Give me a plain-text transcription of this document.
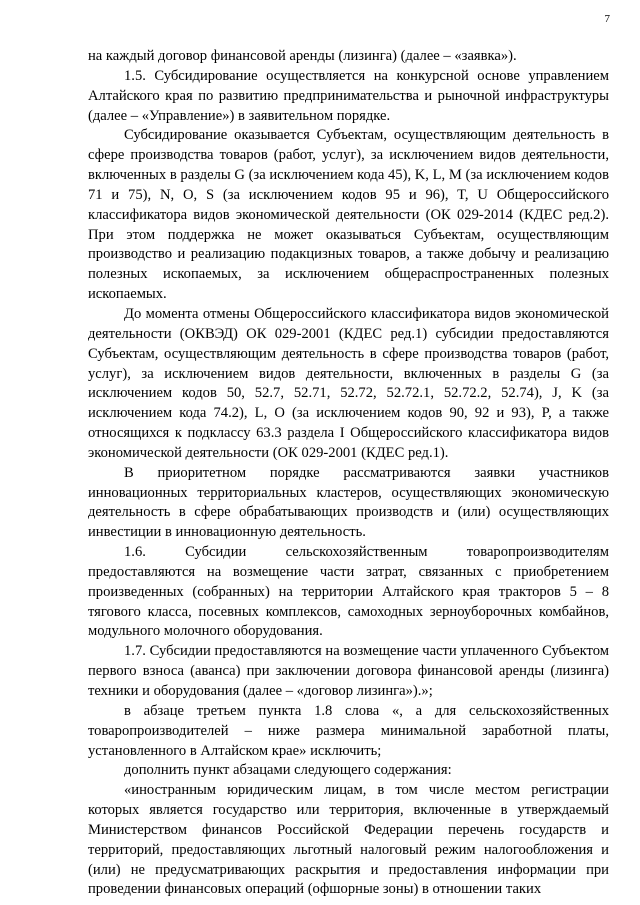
7

на каждый договор финансовой аренды (лизинга) (далее – «заявка»).

1.5. Субсидирование осуществляется на конкурсной основе управлением Алтайского края по развитию предпринимательства и рыночной инфраструктуры (далее – «Управление») в заявительном порядке.

Субсидирование оказывается Субъектам, осуществляющим деятельность в сфере производства товаров (работ, услуг), за исключением видов деятельности, включенных в разделы G (за исключением кода 45), K, L, M (за исключением кодов 71 и 75), N, O, S (за исключением кодов 95 и 96), T, U Общероссийского классификатора видов экономической деятельности (ОК 029-2014 (КДЕС ред.2). При этом поддержка не может оказываться Субъектам, осуществляющим производство и реализацию подакцизных товаров, а также добычу и реализацию полезных ископаемых, за исключением общераспространенных полезных ископаемых.

До момента отмены Общероссийского классификатора видов экономической деятельности (ОКВЭД) ОК 029-2001 (КДЕС ред.1) субсидии предоставляются Субъектам, осуществляющим деятельность в сфере производства товаров (работ, услуг), за исключением видов деятельности, включенных в разделы G (за исключением кодов 50, 52.7, 52.71, 52.72, 52.72.1, 52.72.2, 52.74), J, K (за исключением кода 74.2), L, O (за исключением кодов 90, 92 и 93), P, а также относящихся к подклассу 63.3 раздела I Общероссийского классификатора видов экономической деятельности (ОК 029-2001 (КДЕС ред.1).

В приоритетном порядке рассматриваются заявки участников инновационных территориальных кластеров, осуществляющих экономическую деятельность в сфере обрабатывающих производств и (или) осуществляющих инвестиции в инновационную деятельность.

1.6. Субсидии сельскохозяйственным товаропроизводителям предоставляются на возмещение части затрат, связанных с приобретением произведенных (собранных) на территории Алтайского края тракторов 5 – 8 тягового класса, посевных комплексов, самоходных зерноуборочных комбайнов, модульного молочного оборудования.

1.7. Субсидии предоставляются на возмещение части уплаченного Субъектом первого взноса (аванса) при заключении договора финансовой аренды (лизинга) техники и оборудования (далее – «договор лизинга»).»;

в абзаце третьем пункта 1.8 слова «, а для сельскохозяйственных товаропроизводителей – ниже размера минимальной заработной платы, установленного в Алтайском крае» исключить;

дополнить пункт абзацами следующего содержания:

«иностранным юридическим лицам, в том числе местом регистрации которых является государство или территория, включенные в утверждаемый Министерством финансов Российской Федерации перечень государств и территорий, предоставляющих льготный налоговый режим налогообложения и (или) не предусматривающих раскрытия и предоставления информации при проведении финансовых операций (офшорные зоны) в отношении таких
